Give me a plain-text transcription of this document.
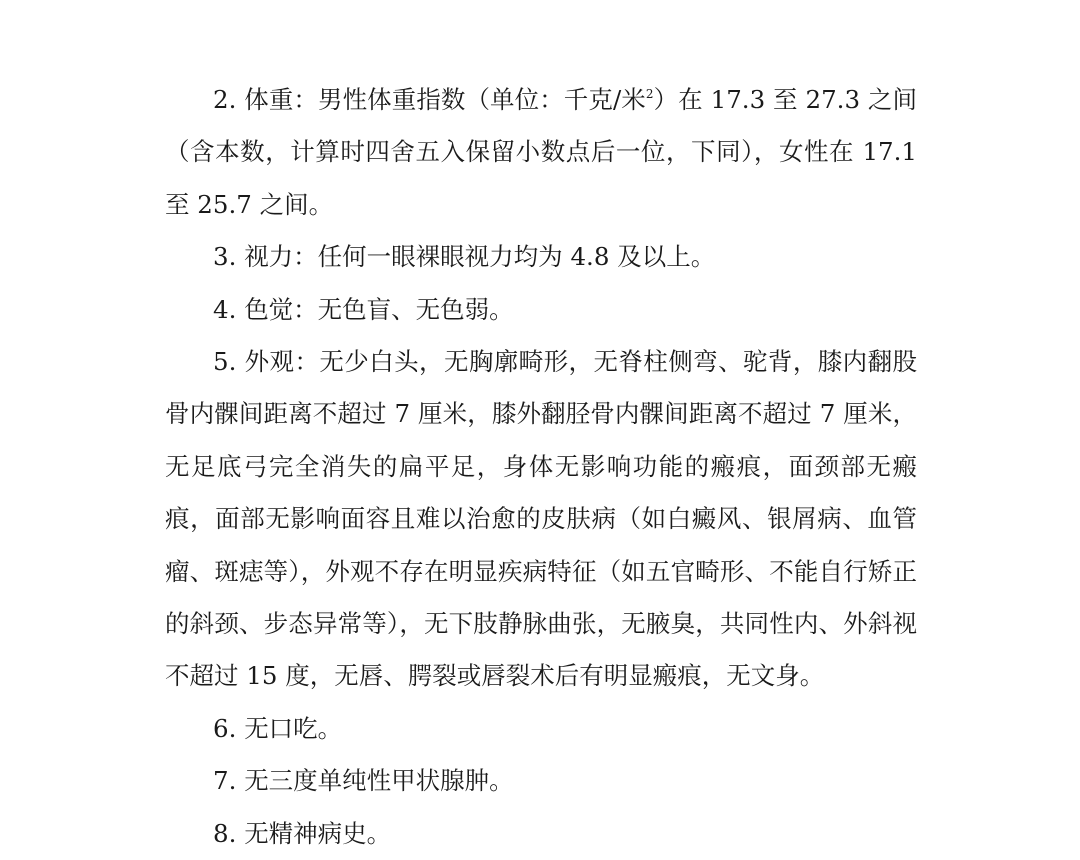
2. 体重：男性体重指数（单位：千克/米$^2$）在 17.3 至 27.3 之间（含本数，计算时四舍五入保留小数点后一位，下同），女性在 17.1 至 25.7 之间。

3. 视力：任何一眼裸眼视力均为 4.8 及以上。

4. 色觉：无色盲、无色弱。

5. 外观：无少白头，无胸廓畸形，无脊柱侧弯、驼背，膝内翻股骨内髁间距离不超过 7 厘米，膝外翻胫骨内髁间距离不超过 7 厘米，无足底弓完全消失的扁平足，身体无影响功能的瘢痕，面颈部无瘢痕，面部无影响面容且难以治愈的皮肤病（如白癜风、银屑病、血管瘤、斑痣等），外观不存在明显疾病特征（如五官畸形、不能自行矫正的斜颈、步态异常等），无下肢静脉曲张，无腋臭，共同性内、外斜视不超过 15 度，无唇、腭裂或唇裂术后有明显瘢痕，无文身。

6. 无口吃。

7. 无三度单纯性甲状腺肿。

8. 无精神病史。
